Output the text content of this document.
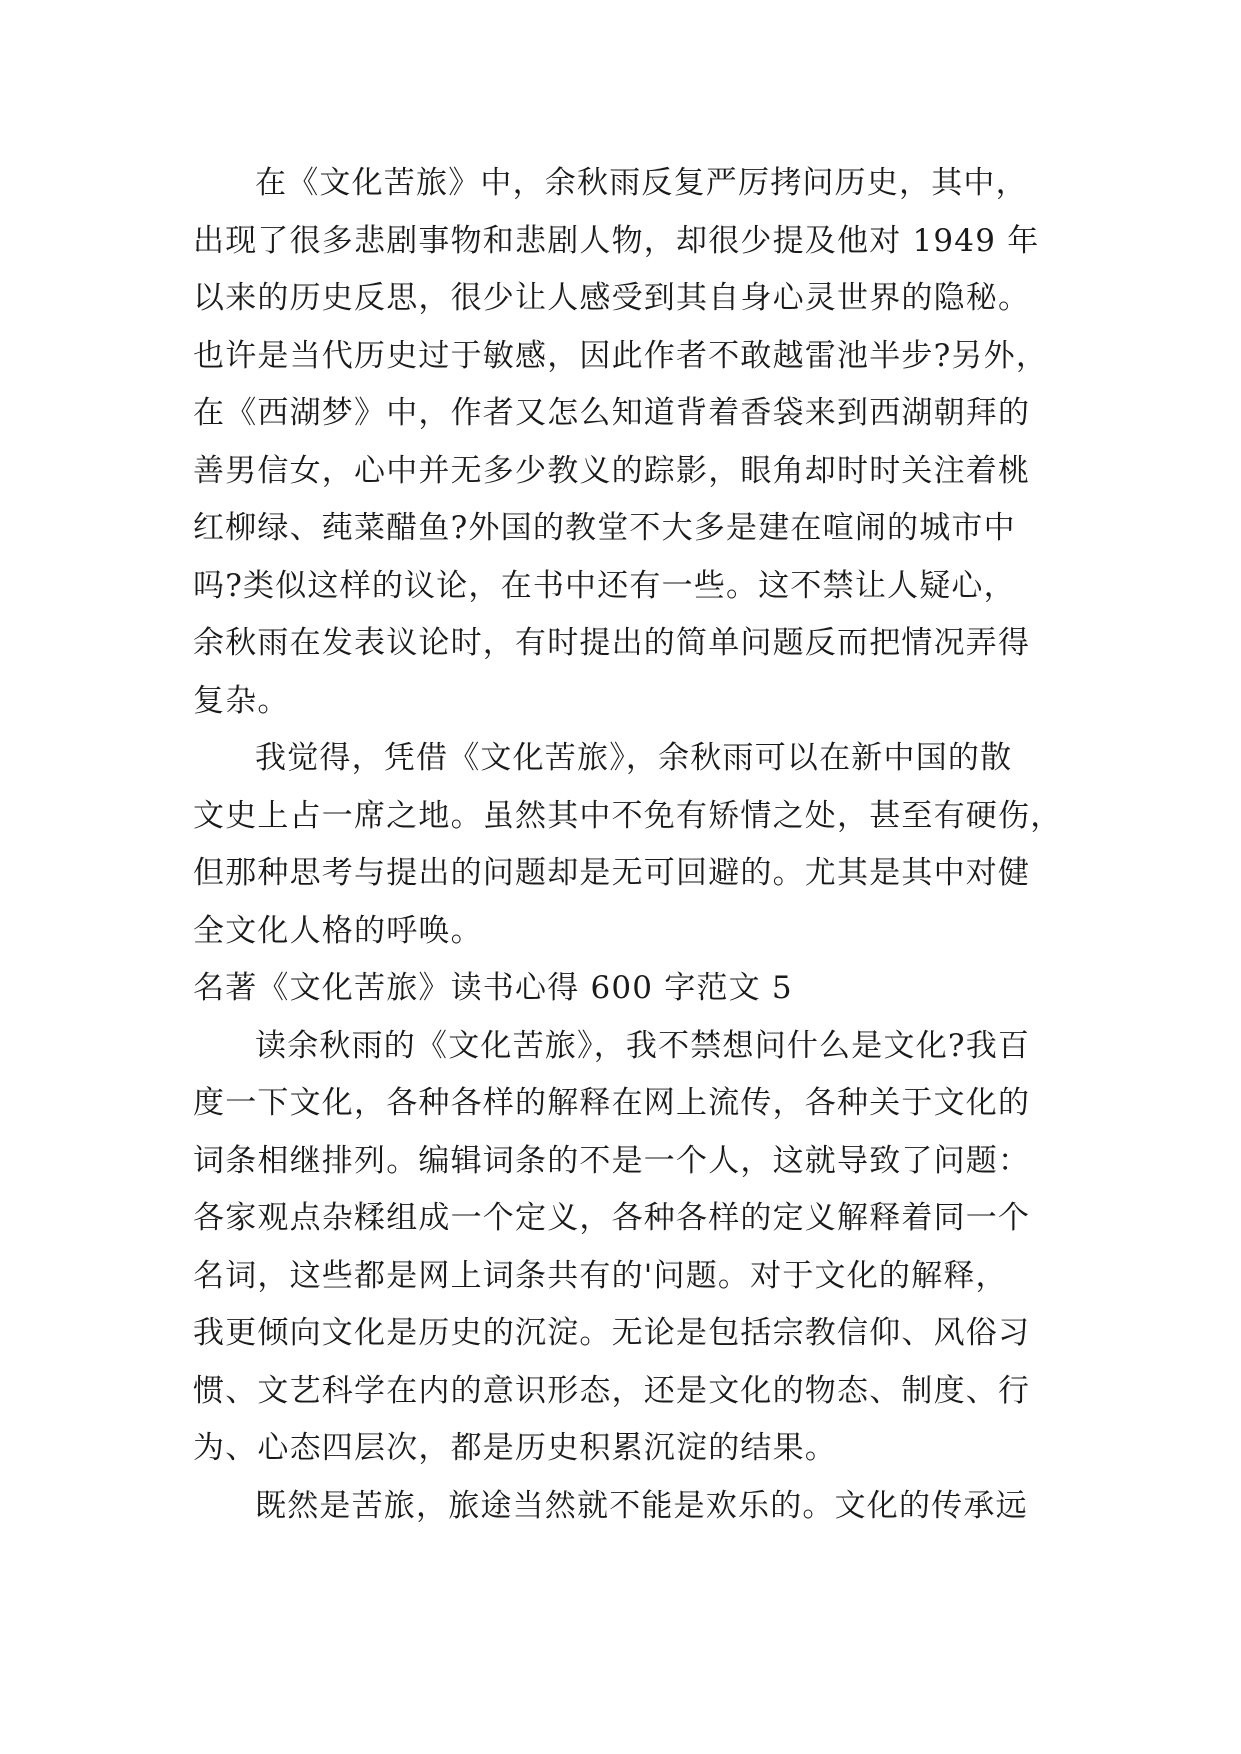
在《文化苦旅》中，余秋雨反复严厉拷问历史，其中，
出现了很多悲剧事物和悲剧人物，却很少提及他对 1949 年
以来的历史反思，很少让人感受到其自身心灵世界的隐秘。
也许是当代历史过于敏感，因此作者不敢越雷池半步?另外，
在《西湖梦》中，作者又怎么知道背着香袋来到西湖朝拜的
善男信女，心中并无多少教义的踪影，眼角却时时关注着桃
红柳绿、莼菜醋鱼?外国的教堂不大多是建在喧闹的城市中
吗?类似这样的议论，在书中还有一些。这不禁让人疑心，
余秋雨在发表议论时，有时提出的简单问题反而把情况弄得
复杂。

我觉得，凭借《文化苦旅》，余秋雨可以在新中国的散
文史上占一席之地。虽然其中不免有矫情之处，甚至有硬伤，
但那种思考与提出的问题却是无可回避的。尤其是其中对健
全文化人格的呼唤。

名著《文化苦旅》读书心得 600 字范文 5

读余秋雨的《文化苦旅》，我不禁想问什么是文化?我百
度一下文化，各种各样的解释在网上流传，各种关于文化的
词条相继排列。编辑词条的不是一个人，这就导致了问题：
各家观点杂糅组成一个定义，各种各样的定义解释着同一个
名词，这些都是网上词条共有的'问题。对于文化的解释，
我更倾向文化是历史的沉淀。无论是包括宗教信仰、风俗习
惯、文艺科学在内的意识形态，还是文化的物态、制度、行
为、心态四层次，都是历史积累沉淀的结果。

既然是苦旅，旅途当然就不能是欢乐的。文化的传承远
